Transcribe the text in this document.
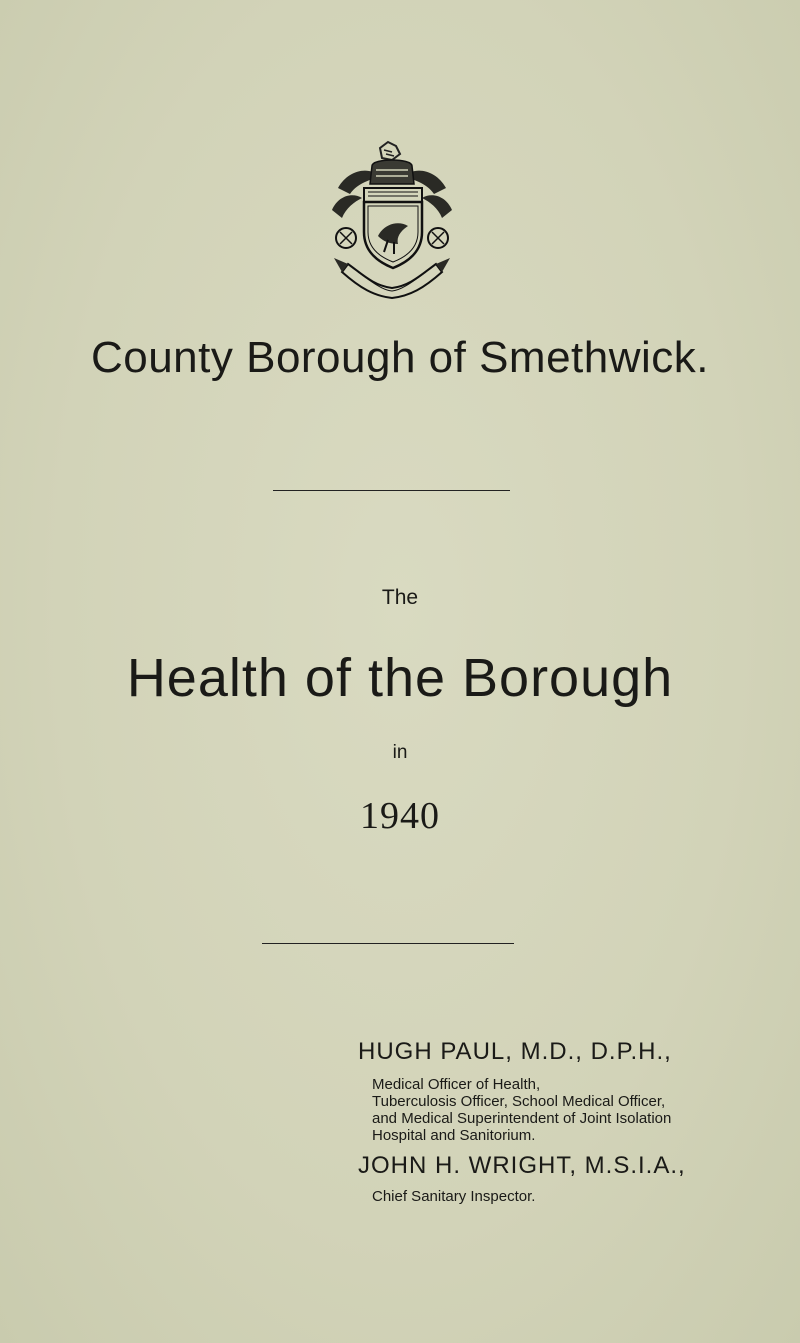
County Borough of Smethwick.
The
Health of the Borough
in
1940
HUGH PAUL, M.D., D.P.H.,
Medical Officer of Health,
Tuberculosis Officer, School Medical Officer,
and Medical Superintendent of Joint Isolation
Hospital and Sanitorium.
JOHN H. WRIGHT, M.S.I.A.,
Chief Sanitary Inspector.
